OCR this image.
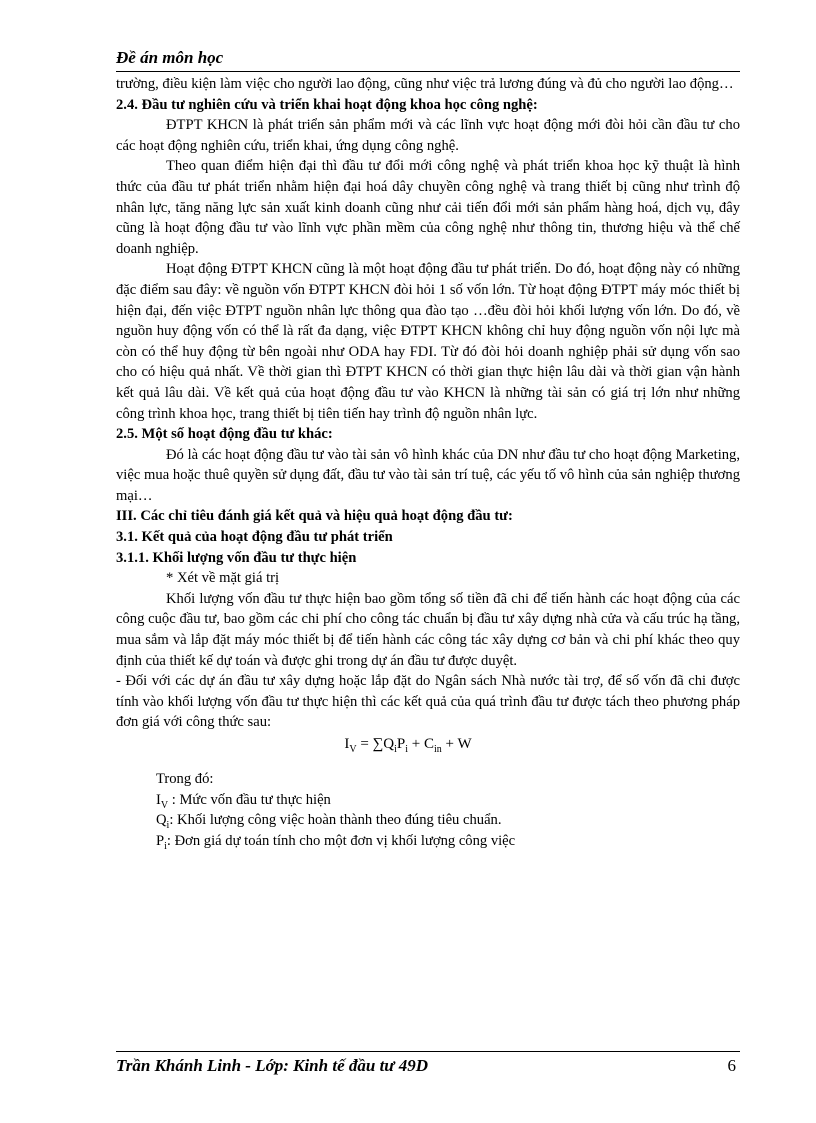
Đề án môn học

trường, điều kiện làm việc cho người lao động, cũng như việc trả lương đúng và đủ cho người lao động…

2.4. Đầu tư nghiên cứu và triển khai hoạt động khoa học công nghệ:

ĐTPT KHCN là phát triển sản phẩm mới và các lĩnh vực hoạt động mới đòi hỏi cần đầu tư cho các hoạt động nghiên cứu, triển khai, ứng dụng công nghệ.

Theo quan điểm hiện đại thì đầu tư đổi mới công nghệ và phát triển khoa học kỹ thuật là hình thức của đầu tư phát triển nhằm hiện đại hoá dây chuyền công nghệ và trang thiết bị cũng như trình độ nhân lực, tăng năng lực sản xuất kinh doanh cũng như cải tiến đổi mới sản phẩm hàng hoá, dịch vụ, đây cũng là hoạt động đầu tư vào lĩnh vực phần mềm của công nghệ như thông tin, thương hiệu và thể chế doanh nghiệp.

Hoạt động ĐTPT KHCN cũng là một hoạt động đầu tư phát triển. Do đó, hoạt động này có những đặc điểm sau đây: về nguồn vốn ĐTPT KHCN đòi hỏi 1 số vốn lớn. Từ hoạt động ĐTPT máy móc thiết bị hiện đại, đến việc ĐTPT nguồn nhân lực thông qua đào tạo …đều đòi hỏi khối lượng vốn lớn. Do đó, về nguồn huy động vốn có thể là rất đa dạng, việc ĐTPT KHCN không chỉ huy động nguồn vốn nội lực mà còn có thể huy động từ bên ngoài như ODA hay FDI. Từ đó đòi hỏi doanh nghiệp phải sử dụng vốn sao cho có hiệu quả nhất. Về thời gian thì ĐTPT KHCN có thời gian thực hiện lâu dài và thời gian vận hành kết quả lâu dài. Về kết quả của hoạt động đầu tư vào KHCN là những tài sản có giá trị lớn như những công trình khoa học, trang thiết bị tiên tiến hay trình độ nguồn nhân lực.

2.5. Một số hoạt động đầu tư khác:

Đó là các hoạt động đầu tư vào tài sản vô hình khác của DN như đầu tư cho hoạt động Marketing, việc mua hoặc thuê quyền sử dụng đất, đầu tư vào tài sản trí tuệ, các yếu tố vô hình của sản nghiệp thương mại…

III. Các chỉ tiêu đánh giá kết quả và hiệu quả hoạt động đầu tư:

3.1. Kết quả của hoạt động đầu tư phát triển

3.1.1. Khối lượng vốn đầu tư thực hiện

* Xét về mặt giá trị

Khối lượng vốn đầu tư thực hiện bao gồm tổng số tiền đã chi để tiến hành các hoạt động của các công cuộc đầu tư, bao gồm các chi phí cho công tác chuẩn bị đầu tư xây dựng nhà cửa và cấu trúc hạ tầng, mua sắm và lắp đặt máy móc thiết bị để tiến hành các công tác xây dựng cơ bản và chi phí khác theo quy định của thiết kế dự toán và được ghi trong dự án đầu tư được duyệt.

- Đối với các dự án đầu tư xây dựng hoặc lắp đặt do Ngân sách Nhà nước tài trợ, để số vốn đã chi được tính vào khối lượng vốn đầu tư thực hiện thì các kết quả của quá trình đầu tư được tách theo phương pháp đơn giá với công thức sau:

$I_V = \sum Q_iP_i + C_{in} + W$

Trong đó:

$I_V$ : Mức vốn đầu tư thực hiện

$Q_i$: Khối lượng công việc hoàn thành theo đúng tiêu chuẩn.

$P_i$: Đơn giá dự toán tính cho một đơn vị khối lượng công việc

Trần Khánh Linh - Lớp: Kinh tế đầu tư 49D	6
